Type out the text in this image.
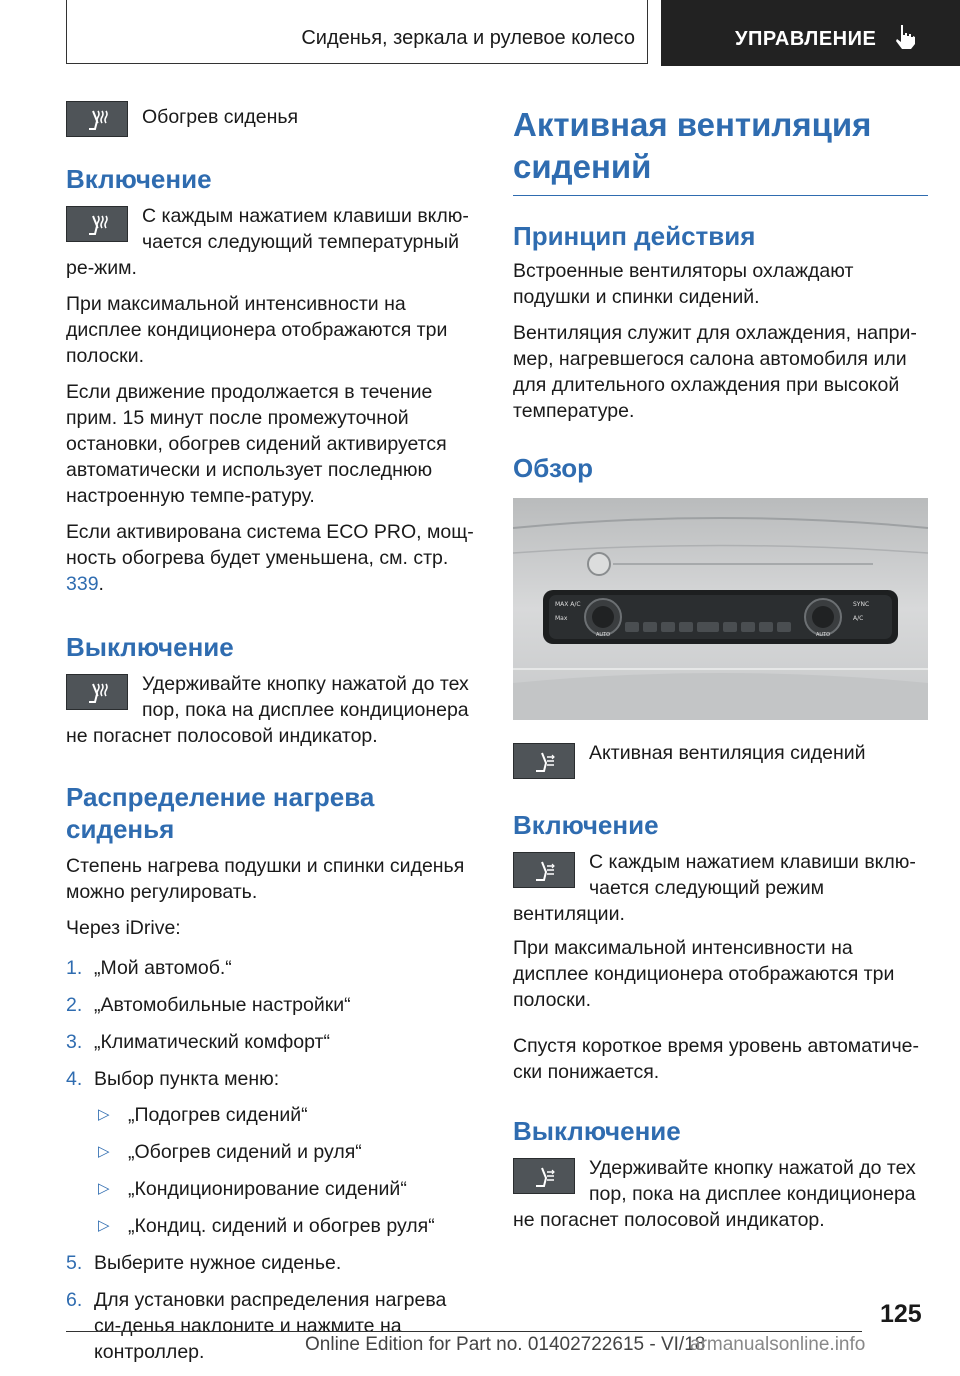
Сиденья, зеркала и рулевое колесо	УПРАВЛЕНИЕ

Обогрев сиденья

Включение

С каждым нажатием клавиши вклю-чается следующий температурный ре-жим.

При максимальной интенсивности на дисплее кондиционера отображаются три полоски.

Если движение продолжается в течение прим. 15 минут после промежуточной остановки, обогрев сидений активируется автоматически и использует последнюю настроенную темпе-ратуру.

Если активирована система ECO PRO, мощ-ность обогрева будет уменьшена, см. стр. 339.

Выключение

Удерживайте кнопку нажатой до тех пор, пока на дисплее кондиционера не погаснет полосовой индикатор.

Распределение нагрева сиденья

Степень нагрева подушки и спинки сиденья можно регулировать.

Через iDrive:

1. „Мой автомоб.“
2. „Автомобильные настройки“
3. „Климатический комфорт“
4. Выбор пункта меню:
▷ „Подогрев сидений“
▷ „Обогрев сидений и руля“
▷ „Кондиционирование сидений“
▷ „Кондиц. сидений и обогрев руля“
5. Выберите нужное сиденье.
6. Для установки распределения нагрева си-денья наклоните и нажмите на контроллер.
Активная вентиляция сидений
Принцип действия

Встроенные вентиляторы охлаждают подушки и спинки сидений.

Вентиляция служит для охлаждения, напри-мер, нагревшегося салона автомобиля или для длительного охлаждения при высокой температуре.

Обзор
MAX A/C
Max
AUTO	AUTO
A/C
SYNC

Активная вентиляция сидений

Включение

С каждым нажатием клавиши вклю-чается следующий режим вентиляции.

При максимальной интенсивности на дисплее кондиционера отображаются три полоски.

Спустя короткое время уровень автоматиче-ски понижается.

Выключение

Удерживайте кнопку нажатой до тех пор, пока на дисплее кондиционера не погаснет полосовой индикатор.

125
Online Edition for Part no. 01402722615 - VI/18
armanualsonline.info
